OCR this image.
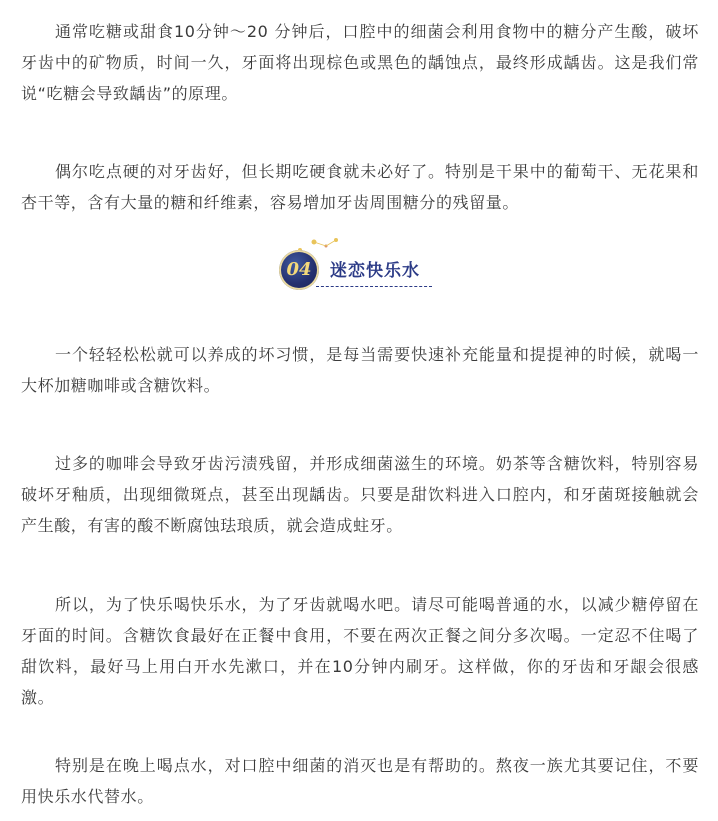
通常吃糖或甜食10分钟～20 分钟后，口腔中的细菌会利用食物中的糖分产生酸，破坏牙齿中的矿物质，时间一久，牙面将出现棕色或黑色的龋蚀点，最终形成龋齿。这是我们常说“吃糖会导致龋齿”的原理。

偶尔吃点硬的对牙齿好，但长期吃硬食就未必好了。特别是干果中的葡萄干、无花果和杏干等，含有大量的糖和纤维素，容易增加牙齿周围糖分的残留量。

04	迷恋快乐水

一个轻轻松松就可以养成的坏习惯，是每当需要快速补充能量和提提神的时候，就喝一大杯加糖咖啡或含糖饮料。

过多的咖啡会导致牙齿污渍残留，并形成细菌滋生的环境。奶茶等含糖饮料，特别容易破坏牙釉质，出现细微斑点，甚至出现龋齿。只要是甜饮料进入口腔内，和牙菌斑接触就会产生酸，有害的酸不断腐蚀珐琅质，就会造成蛀牙。

所以，为了快乐喝快乐水，为了牙齿就喝水吧。请尽可能喝普通的水，以减少糖停留在牙面的时间。含糖饮食最好在正餐中食用，不要在两次正餐之间分多次喝。一定忍不住喝了甜饮料，最好马上用白开水先漱口，并在10分钟内刷牙。这样做，你的牙齿和牙龈会很感激。

特别是在晚上喝点水，对口腔中细菌的消灭也是有帮助的。熬夜一族尤其要记住，不要用快乐水代替水。
